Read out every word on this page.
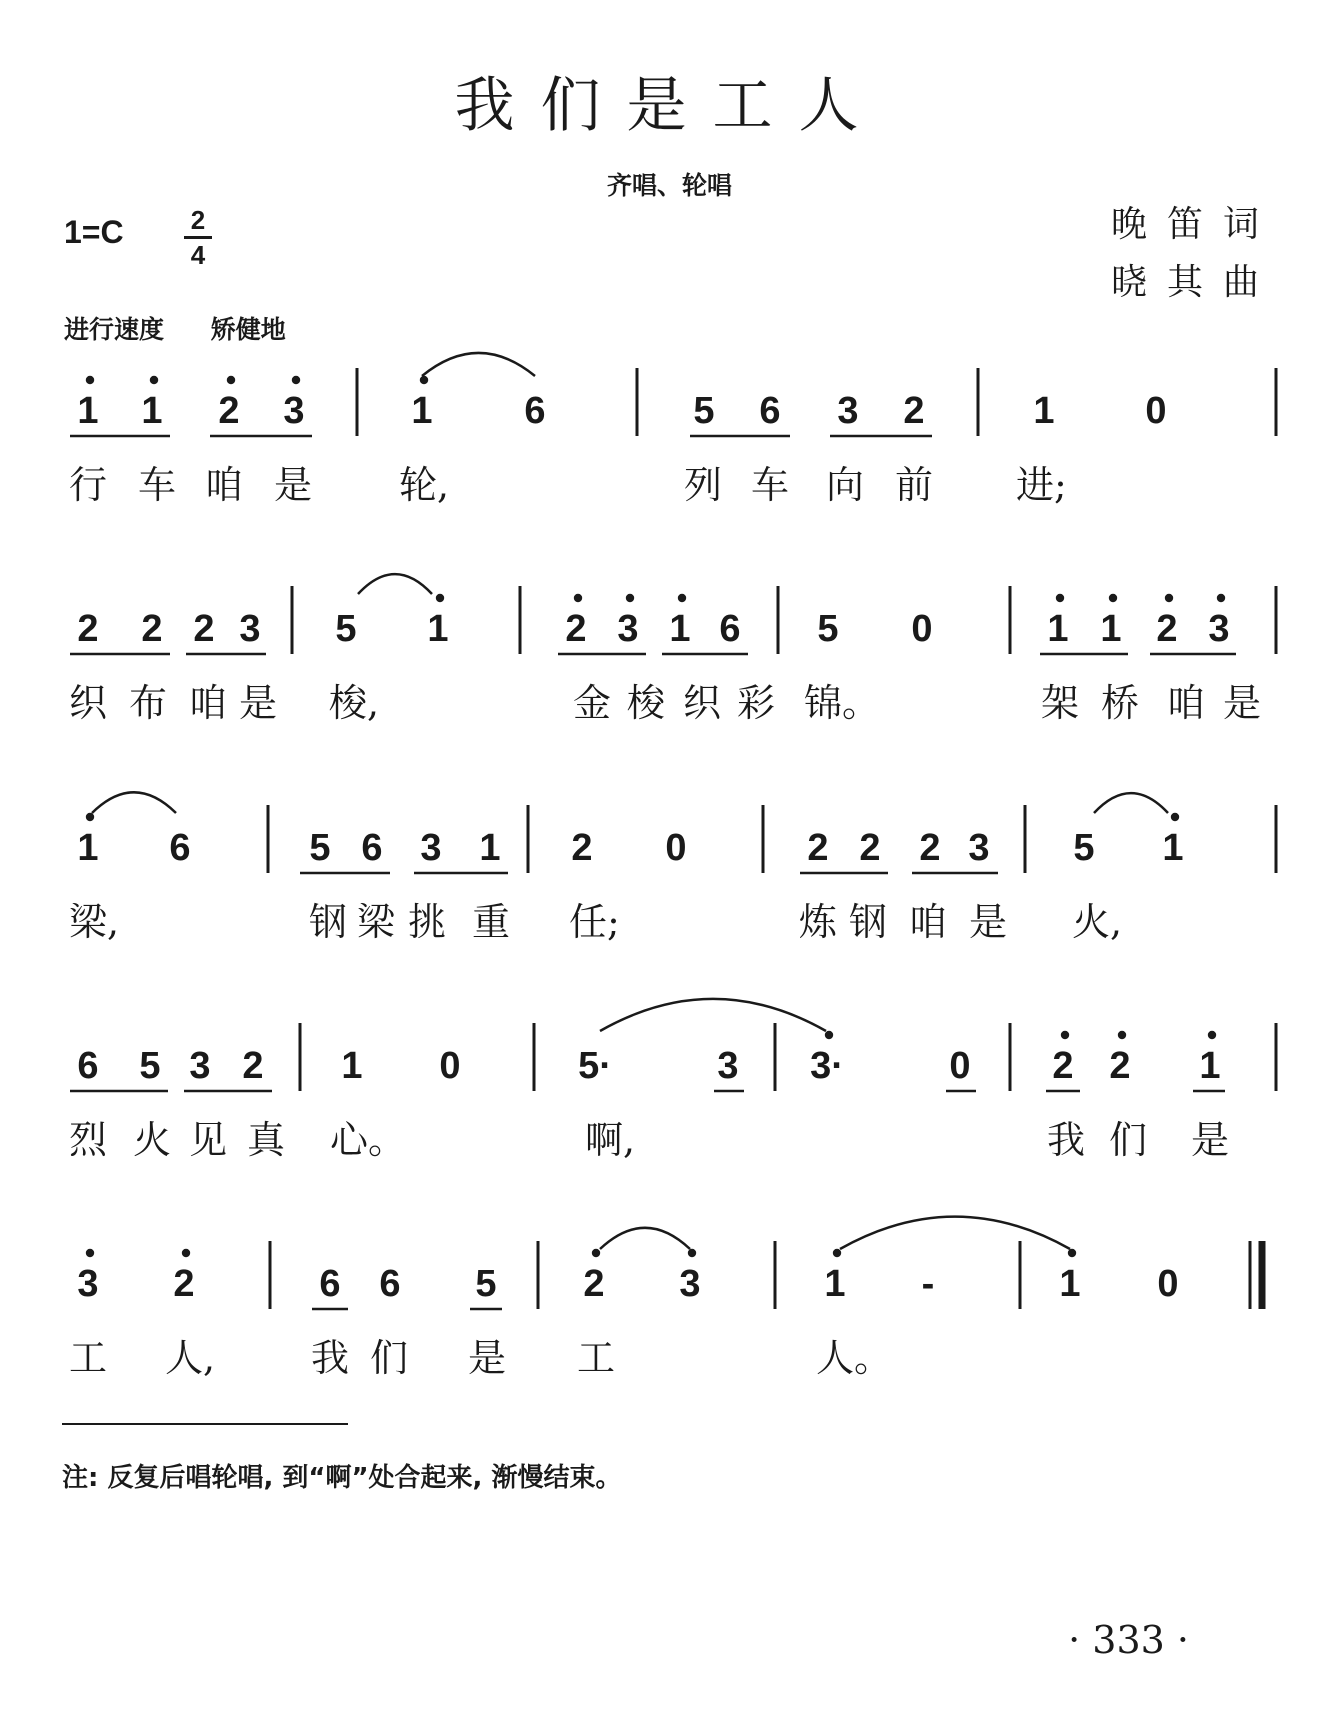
我们是工人
齐唱、轮唱
1=C	2
4
晚笛词
晓其曲
进行速度 矫健地
1 1 2 3	1 6	5 6 3 2	1 0
行 车 咱 是 轮,	列 车 向 前 进;
2 2 2 3 5 1	2 3 1 6 5 0	1 1 2 3
织 布 咱 是 梭,	金 梭 织 彩 锦。	架 桥 咱 是
1 6	5 6 3 1 2 0	2 2 2 3 5 1
梁,	钢 梁 挑 重 任;	炼 钢 咱 是 火,
6 5 3 2 1 0	5·	3 3·	0 2 2 1
烈 火 见 真 心。	啊,	我 们 是
3 2	6 6 5 2 3	1 -	1 0
工 人,	我 们 是 工	人。
注: 反复后唱轮唱, 到“啊”处合起来, 渐慢结束。
· 333 ·
